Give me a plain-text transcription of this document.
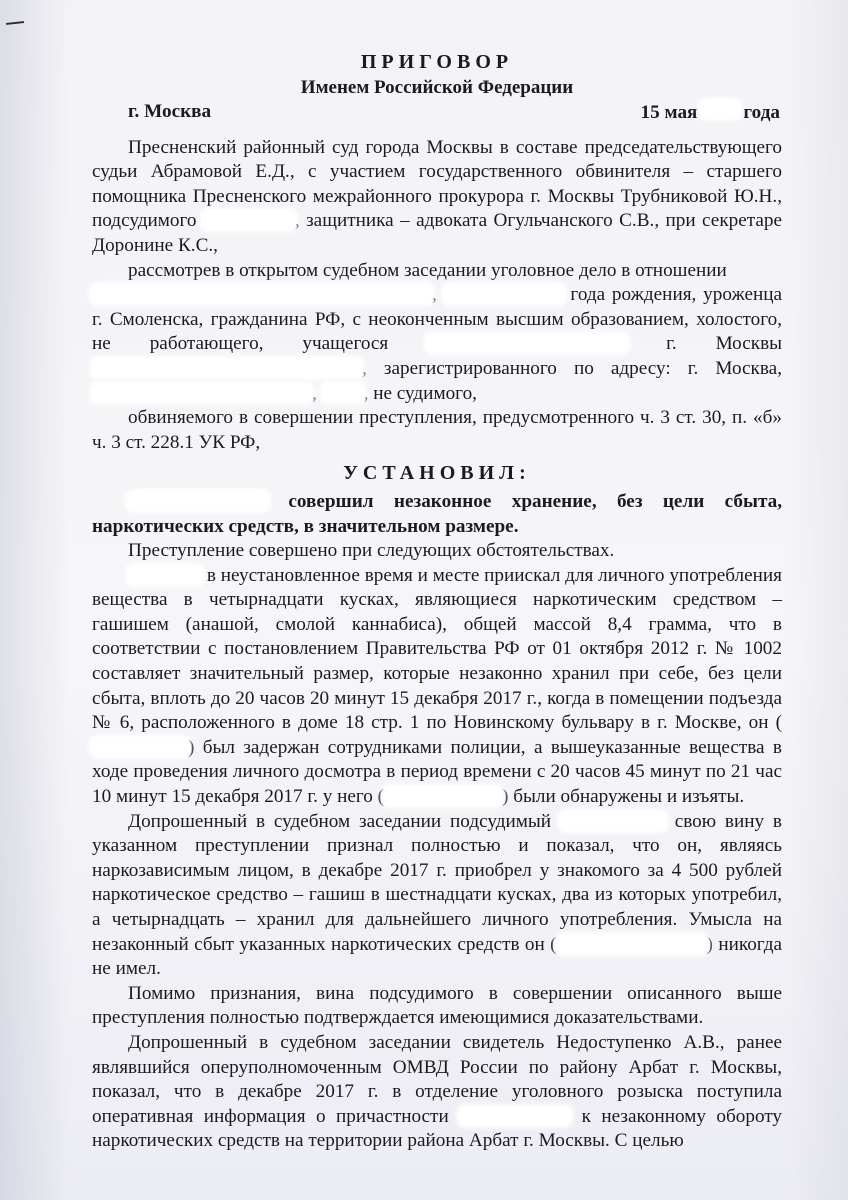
ПРИГОВОР
Именем Российской Федерации
г. Москва	15 мая года

Пресненский районный суд города Москвы в составе председательствующего судьи Абрамовой Е.Д., с участием государственного обвинителя – старшего помощника Пресненского межрайонного прокурора г. Москвы Трубниковой Ю.Н., подсудимого	, защитника – адвоката Огульчанского С.В., при секретаре Доронине К.С.,

рассмотрев в открытом судебном заседании уголовное дело в отношении

,	года рождения, уроженца г. Смоленска, гражданина РФ, с неоконченным высшим образованием, холостого, не работающего, учащегося	г. Москвы , зарегистрированного по адресу: г. Москва, , , не судимого,

обвиняемого в совершении преступления, предусмотренного ч. 3 ст. 30, п. «б» ч. 3 ст. 228.1 УК РФ,

УСТАНОВИЛ:

совершил незаконное хранение, без цели сбыта, наркотических средств, в значительном размере.

Преступление совершено при следующих обстоятельствах.

в неустановленное время и месте приискал для личного употребления вещества в четырнадцати кусках, являющиеся наркотическим средством – гашишем (анашой, смолой каннабиса), общей массой 8,4 грамма, что в соответствии с постановлением Правительства РФ от 01 октября 2012 г. № 1002 составляет значительный размер, которые незаконно хранил при себе, без цели сбыта, вплоть до 20 часов 20 минут 15 декабря 2017 г., когда в помещении подъезда № 6, расположенного в доме 18 стр. 1 по Новинскому бульвару в г. Москве, он () был задержан сотрудниками полиции, а вышеуказанные вещества в ходе проведения личного досмотра в период времени с 20 часов 45 минут по 21 час 10 минут 15 декабря 2017 г. у него (	) были обнаружены и изъяты.

Допрошенный в судебном заседании подсудимый	свою вину в указанном преступлении признал полностью и показал, что он, являясь наркозависимым лицом, в декабре 2017 г. приобрел у знакомого за 4 500 рублей наркотическое средство – гашиш в шестнадцати кусках, два из которых употребил, а четырнадцать – хранил для дальнейшего личного употребления. Умысла на незаконный сбыт указанных наркотических средств он (	) никогда не имел.

Помимо признания, вина подсудимого в совершении описанного выше преступления полностью подтверждается имеющимися доказательствами.

Допрошенный в судебном заседании свидетель Недоступенко А.В., ранее являвшийся оперуполномоченным ОМВД России по району Арбат г. Москвы, показал, что в декабре 2017 г. в отделение уголовного розыска поступила оперативная информация о причастности	к незаконному обороту наркотических средств на территории района Арбат г. Москвы. С целью
